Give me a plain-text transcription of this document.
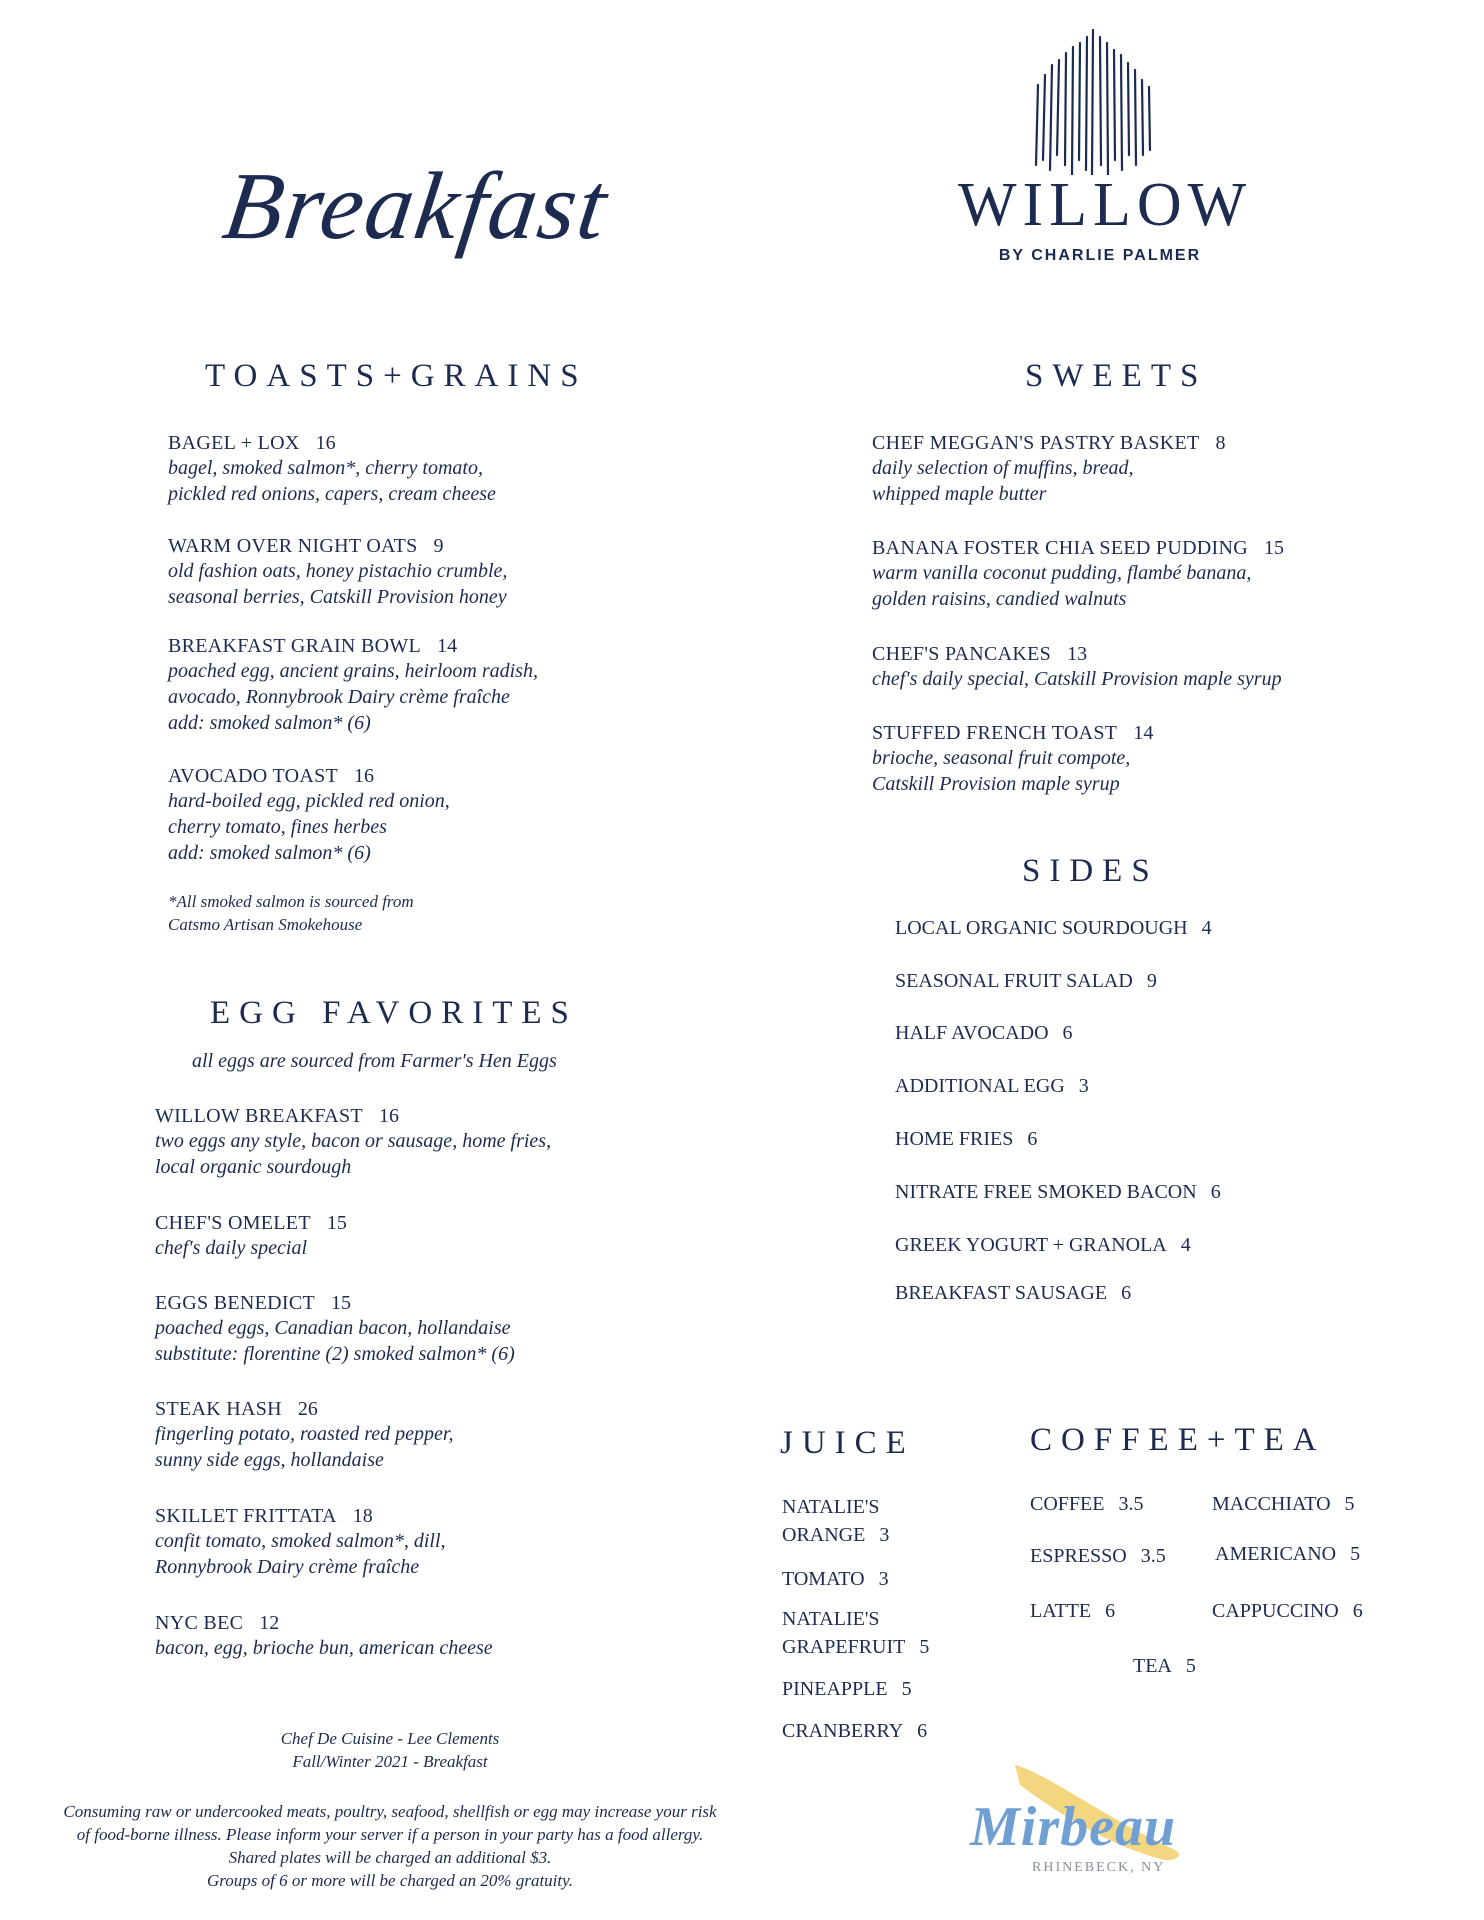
Breakfast	WILLOW
BY CHARLIE PALMER
TOASTS+GRAINS
BAGEL + LOX 16
bagel, smoked salmon*, cherry tomato,
pickled red onions, capers, cream cheese
WARM OVER NIGHT OATS 9
old fashion oats, honey pistachio crumble,
seasonal berries, Catskill Provision honey
BREAKFAST GRAIN BOWL 14
poached egg, ancient grains, heirloom radish,
avocado, Ronnybrook Dairy crème fraîche
add: smoked salmon* (6)
AVOCADO TOAST 16
hard-boiled egg, pickled red onion,
cherry tomato, fines herbes
add: smoked salmon* (6)
*All smoked salmon is sourced from
Catsmo Artisan Smokehouse
EGG FAVORITES
all eggs are sourced from Farmer's Hen Eggs
WILLOW BREAKFAST 16
two eggs any style, bacon or sausage, home fries,
local organic sourdough
CHEF'S OMELET 15
chef's daily special
EGGS BENEDICT 15
poached eggs, Canadian bacon, hollandaise
substitute: florentine (2) smoked salmon* (6)
STEAK HASH 26
fingerling potato, roasted red pepper,
sunny side eggs, hollandaise
SKILLET FRITTATA 18
confit tomato, smoked salmon*, dill,
Ronnybrook Dairy crème fraîche
NYC BEC 12
bacon, egg, brioche bun, american cheese
SWEETS
CHEF MEGGAN'S PASTRY BASKET 8
daily selection of muffins, bread,
whipped maple butter
BANANA FOSTER CHIA SEED PUDDING 15
warm vanilla coconut pudding, flambé banana,
golden raisins, candied walnuts
CHEF'S PANCAKES 13
chef's daily special, Catskill Provision maple syrup
STUFFED FRENCH TOAST 14
brioche, seasonal fruit compote,
Catskill Provision maple syrup
SIDES
LOCAL ORGANIC SOURDOUGH 4
SEASONAL FRUIT SALAD 9
HALF AVOCADO 6
ADDITIONAL EGG 3
HOME FRIES 6
NITRATE FREE SMOKED BACON 6
GREEK YOGURT + GRANOLA 4
BREAKFAST SAUSAGE 6
JUICE
NATALIE'S
ORANGE 3
TOMATO 3
NATALIE'S
GRAPEFRUIT 5
PINEAPPLE 5
CRANBERRY 6
COFFEE+TEA
COFFEE 3.5	MACCHIATO 5
ESPRESSO 3.5 AMERICANO 5
LATTE 6	CAPPUCCINO 6
TEA 5
Chef De Cuisine - Lee Clements
Fall/Winter 2021 - Breakfast
Consuming raw or undercooked meats, poultry, seafood, shellfish or egg may increase your risk
of food-borne illness. Please inform your server if a person in your party has a food allergy.
Shared plates will be charged an additional $3.
Groups of 6 or more will be charged an 20% gratuity.
Mirbeau
RHINEBECK, NY
